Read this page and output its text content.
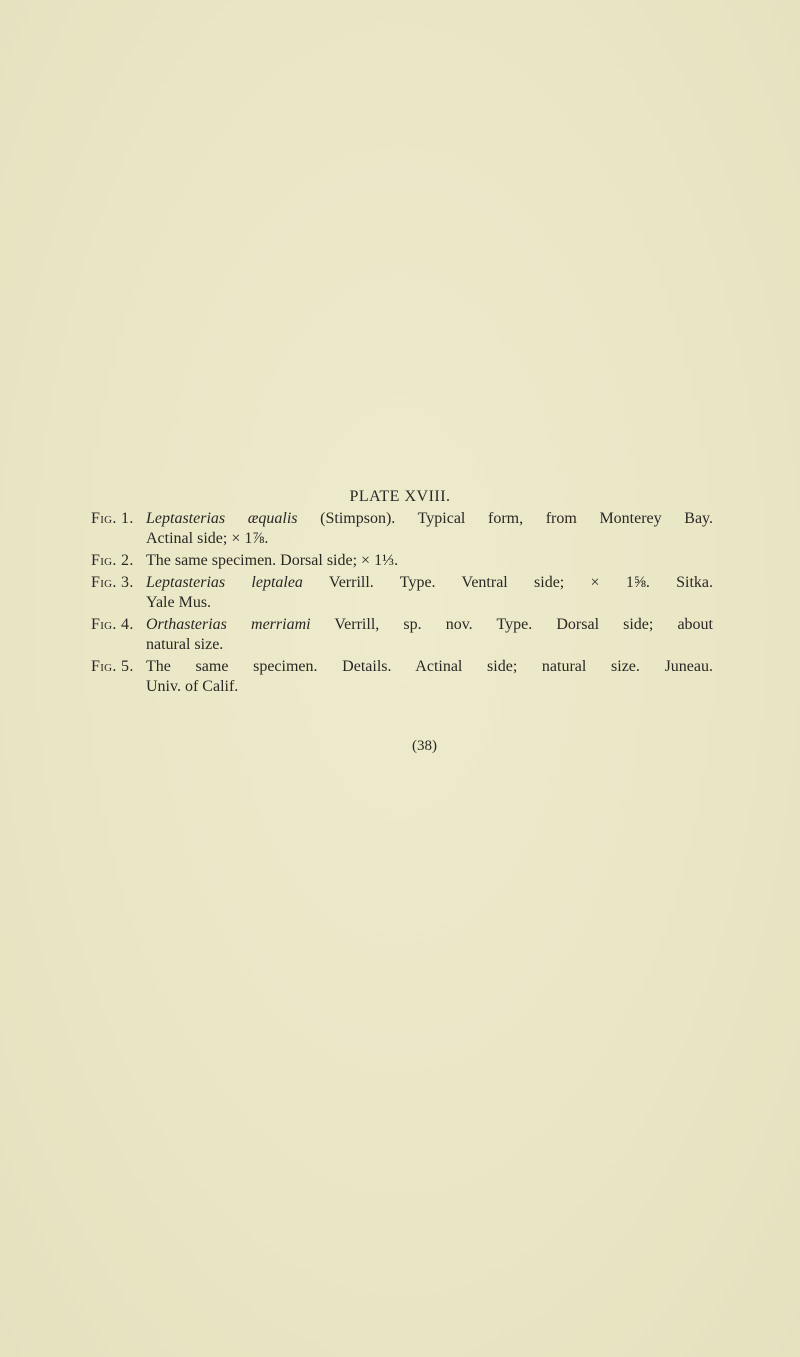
PLATE XVIII.
Fig. 1. Leptasterias æqualis (Stimpson). Typical form, from Monterey Bay.
Actinal side; × 1⅞.
Fig. 2. The same specimen. Dorsal side; × 1⅓.
Fig. 3. Leptasterias leptalea Verrill. Type. Ventral side; × 1⅝. Sitka.
Yale Mus.
Fig. 4. Orthasterias merriami Verrill, sp. nov. Type. Dorsal side; about
natural size.
Fig. 5. The same specimen. Details. Actinal side; natural size. Juneau.
Univ. of Calif.
(38)
